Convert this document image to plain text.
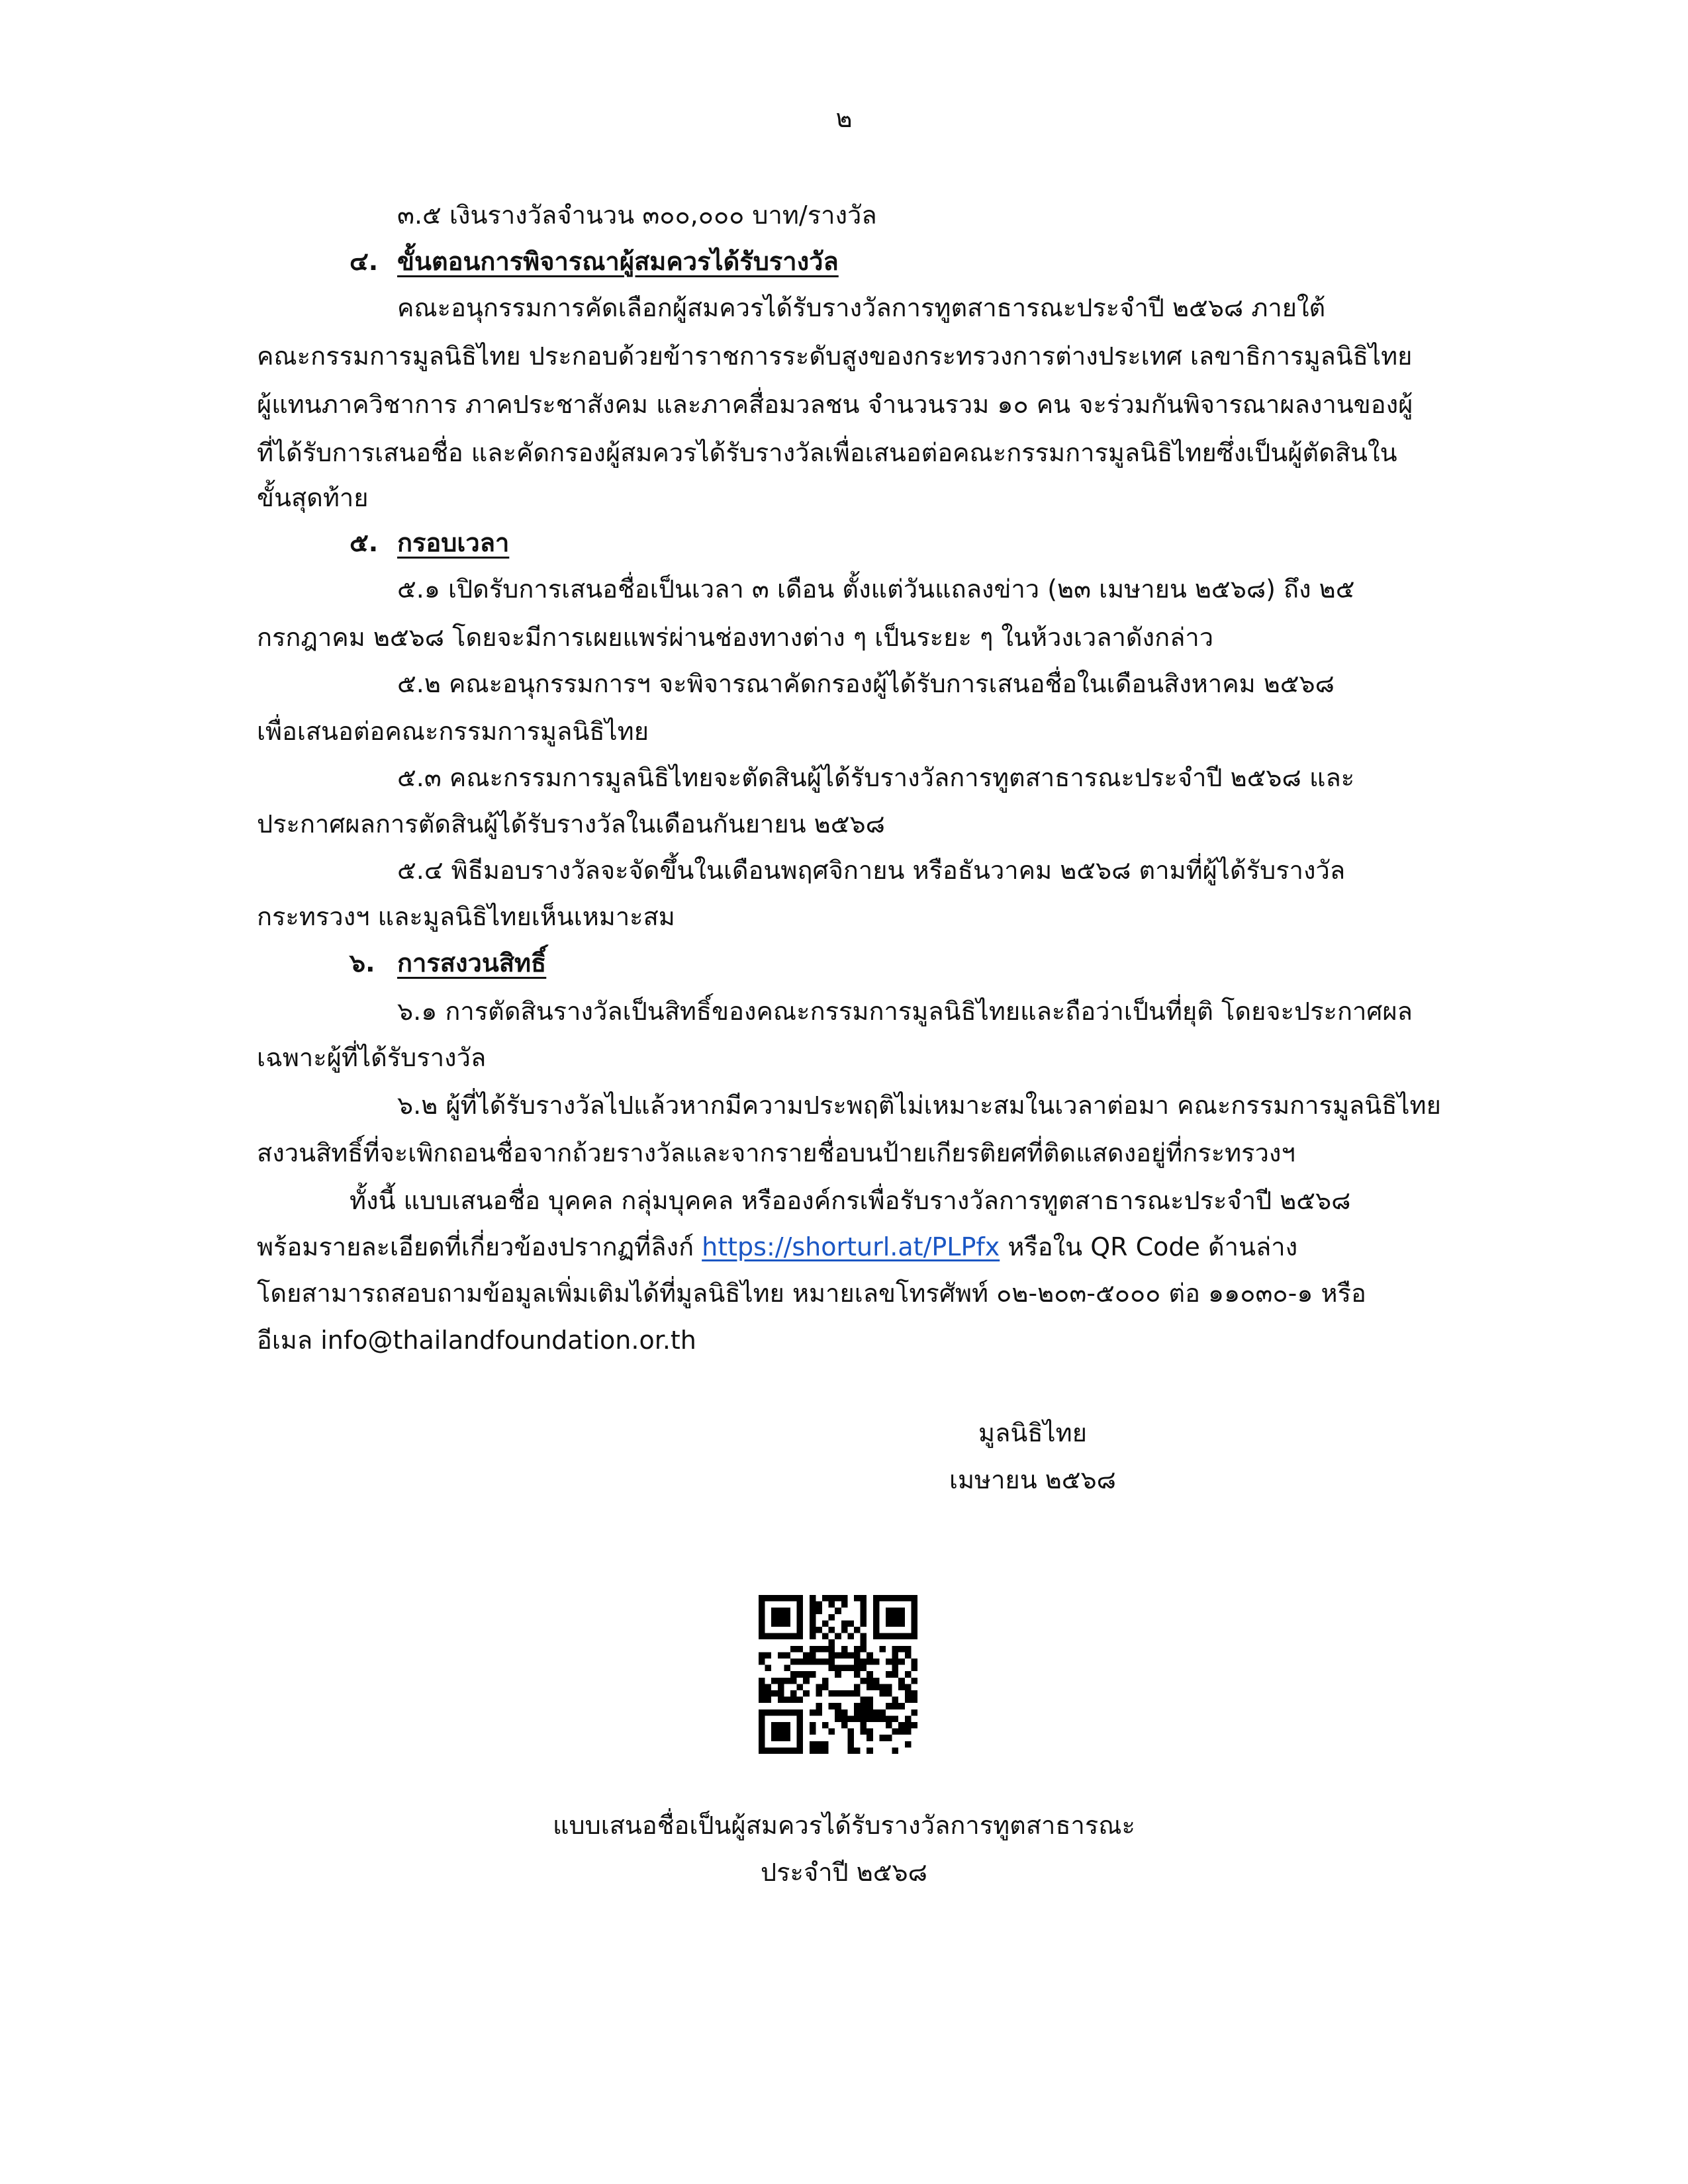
๒
๓.๕ เงินรางวัลจำนวน ๓๐๐,๐๐๐ บาท/รางวัล
๔. ขั้นตอนการพิจารณาผู้สมควรได้รับรางวัล
คณะอนุกรรมการคัดเลือกผู้สมควรได้รับรางวัลการทูตสาธารณะประจำปี ๒๕๖๘ ภายใต้
คณะกรรมการมูลนิธิไทย ประกอบด้วยข้าราชการระดับสูงของกระทรวงการต่างประเทศ เลขาธิการมูลนิธิไทย
ผู้แทนภาควิชาการ ภาคประชาสังคม และภาคสื่อมวลชน จำนวนรวม ๑๐ คน จะร่วมกันพิจารณาผลงานของผู้
ที่ได้รับการเสนอชื่อ และคัดกรองผู้สมควรได้รับรางวัลเพื่อเสนอต่อคณะกรรมการมูลนิธิไทยซึ่งเป็นผู้ตัดสินใน
ขั้นสุดท้าย
๕. กรอบเวลา
๕.๑ เปิดรับการเสนอชื่อเป็นเวลา ๓ เดือน ตั้งแต่วันแถลงข่าว (๒๓ เมษายน ๒๕๖๘) ถึง ๒๕
กรกฎาคม ๒๕๖๘ โดยจะมีการเผยแพร่ผ่านช่องทางต่าง ๆ เป็นระยะ ๆ ในห้วงเวลาดังกล่าว
๕.๒ คณะอนุกรรมการฯ จะพิจารณาคัดกรองผู้ได้รับการเสนอชื่อในเดือนสิงหาคม ๒๕๖๘
เพื่อเสนอต่อคณะกรรมการมูลนิธิไทย
๕.๓ คณะกรรมการมูลนิธิไทยจะตัดสินผู้ได้รับรางวัลการทูตสาธารณะประจำปี ๒๕๖๘ และ
ประกาศผลการตัดสินผู้ได้รับรางวัลในเดือนกันยายน ๒๕๖๘
๕.๔ พิธีมอบรางวัลจะจัดขึ้นในเดือนพฤศจิกายน หรือธันวาคม ๒๕๖๘ ตามที่ผู้ได้รับรางวัล
กระทรวงฯ และมูลนิธิไทยเห็นเหมาะสม
๖. การสงวนสิทธิ์
๖.๑ การตัดสินรางวัลเป็นสิทธิ์ของคณะกรรมการมูลนิธิไทยและถือว่าเป็นที่ยุติ โดยจะประกาศผล
เฉพาะผู้ที่ได้รับรางวัล
๖.๒ ผู้ที่ได้รับรางวัลไปแล้วหากมีความประพฤติไม่เหมาะสมในเวลาต่อมา คณะกรรมการมูลนิธิไทย
สงวนสิทธิ์ที่จะเพิกถอนชื่อจากถ้วยรางวัลและจากรายชื่อบนป้ายเกียรติยศที่ติดแสดงอยู่ที่กระทรวงฯ
ทั้งนี้ แบบเสนอชื่อ บุคคล กลุ่มบุคคล หรือองค์กรเพื่อรับรางวัลการทูตสาธารณะประจำปี ๒๕๖๘
พร้อมรายละเอียดที่เกี่ยวข้องปรากฏที่ลิงก์ https://shorturl.at/PLPfx หรือใน QR Code ด้านล่าง
โดยสามารถสอบถามข้อมูลเพิ่มเติมได้ที่มูลนิธิไทย หมายเลขโทรศัพท์ ๐๒-๒๐๓-๕๐๐๐ ต่อ ๑๑๐๓๐-๑ หรือ
อีเมล info@thailandfoundation.or.th
มูลนิธิไทย
เมษายน ๒๕๖๘
แบบเสนอชื่อเป็นผู้สมควรได้รับรางวัลการทูตสาธารณะ
ประจำปี ๒๕๖๘
